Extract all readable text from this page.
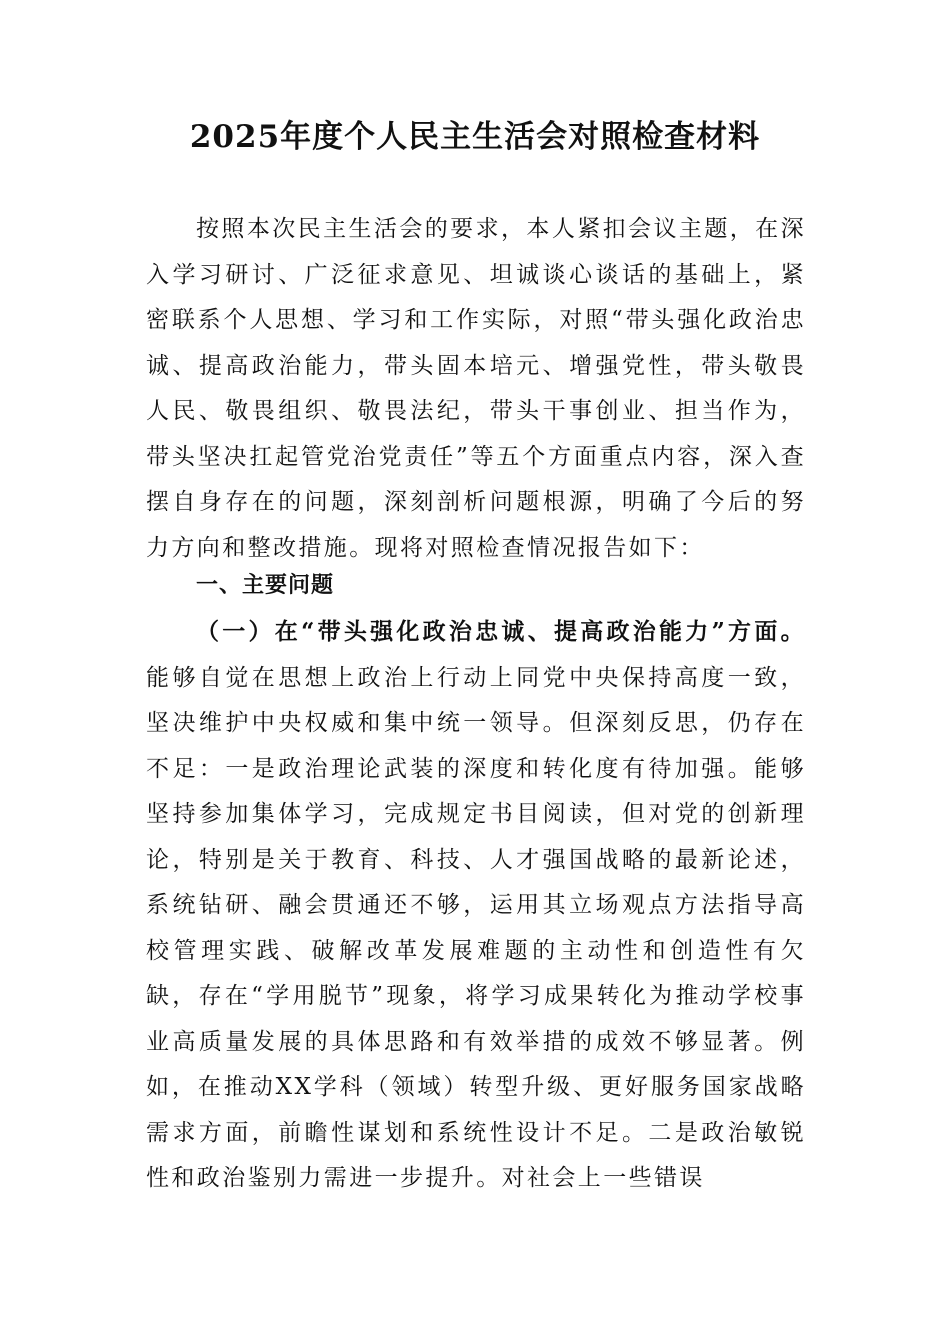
2025年度个人民主生活会对照检查材料

按照本次民主生活会的要求，本人紧扣会议主题，在深入学习研讨、广泛征求意见、坦诚谈心谈话的基础上，紧密联系个人思想、学习和工作实际，对照“带头强化政治忠诚、提高政治能力，带头固本培元、增强党性，带头敬畏人民、敬畏组织、敬畏法纪，带头干事创业、担当作为，带头坚决扛起管党治党责任”等五个方面重点内容，深入查摆自身存在的问题，深刻剖析问题根源，明确了今后的努力方向和整改措施。现将对照检查情况报告如下：

一、主要问题

（一）在“带头强化政治忠诚、提高政治能力”方面。能够自觉在思想上政治上行动上同党中央保持高度一致，坚决维护中央权威和集中统一领导。但深刻反思，仍存在不足：一是政治理论武装的深度和转化度有待加强。能够坚持参加集体学习，完成规定书目阅读，但对党的创新理论，特别是关于教育、科技、人才强国战略的最新论述，系统钻研、融会贯通还不够，运用其立场观点方法指导高校管理实践、破解改革发展难题的主动性和创造性有欠缺，存在“学用脱节”现象，将学习成果转化为推动学校事业高质量发展的具体思路和有效举措的成效不够显著。例如，在推动XX学科（领域）转型升级、更好服务国家战略需求方面，前瞻性谋划和系统性设计不足。二是政治敏锐性和政治鉴别力需进一步提升。对社会上一些错误
